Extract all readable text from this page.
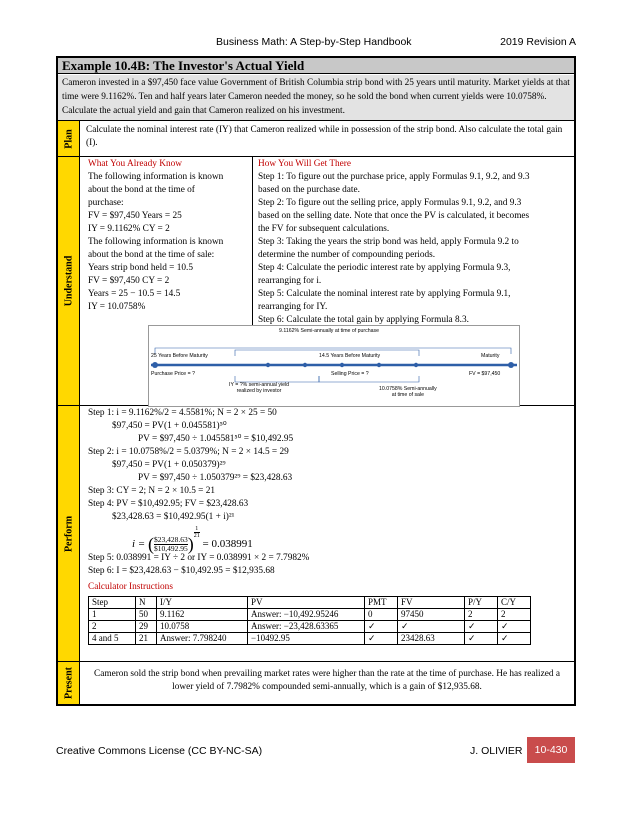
Business Math: A Step-by-Step Handbook	2019 Revision A
Example 10.4B: The Investor's Actual Yield
Cameron invested in a $97,450 face value Government of British Columbia strip bond with 25 years until maturity. Market yields at that time were 9.1162%. Ten and half years later Cameron needed the money, so he sold the bond when current yields were 10.0758%. Calculate the actual yield and gain that Cameron realized on his investment.
Plan Calculate the nominal interest rate (IY) that Cameron realized while in possession of the strip bond. Also calculate the total gain (I).
Understand
What You Already Know
The following information is known
about the bond at the time of
purchase:
FV = $97,450 Years = 25
IY = 9.1162% CY = 2
The following information is known
about the bond at the time of sale:
Years strip bond held = 10.5
FV = $97,450 CY = 2
Years = 25 − 10.5 = 14.5
IY = 10.0758%
How You Will Get There
Step 1: To figure out the purchase price, apply Formulas 9.1, 9.2, and 9.3
based on the purchase date.
Step 2: To figure out the selling price, apply Formulas 9.1, 9.2, and 9.3
based on the selling date. Note that once the PV is calculated, it becomes
the FV for subsequent calculations.
Step 3: Taking the years the strip bond was held, apply Formula 9.2 to
determine the number of compounding periods.
Step 4: Calculate the periodic interest rate by applying Formula 9.3,
rearranging for i.
Step 5: Calculate the nominal interest rate by applying Formula 9.1,
rearranging for IY.
Step 6: Calculate the total gain by applying Formula 8.3.
9.1162% Semi-annually at time of purchase
25 Years Before Maturity	14.5 Years Before Maturity	Maturity
Purchase Price = ?	Selling Price = ?	FV = $97,450
IY = ?% semi-annual yield
realized by investor	10.0758% Semi-annually
at time of sale
Perform
Step 1: i = 9.1162%/2 = 4.5581%; N = 2 × 25 = 50
$97,450 = PV(1 + 0.045581)⁵⁰
PV = $97,450 ÷ 1.045581⁵⁰ = $10,492.95
Step 2: i = 10.0758%/2 = 5.0379%; N = 2 × 14.5 = 29
$97,450 = PV(1 + 0.050379)²⁹
PV = $97,450 ÷ 1.050379²⁹ = $23,428.63
Step 3: CY = 2; N = 2 × 10.5 = 21
Step 4: PV = $10,492.95; FV = $23,428.63
$23,428.63 = $10,492.95(1 + i)²¹
i = ( $\frac{\$23,428.63}{\$10,492.95}$)
$^{\frac{1}{21}}$ = 0.038991
Step 5: 0.038991 = IY ÷ 2 or IY = 0.038991 × 2 = 7.7982%
Step 6: I = $23,428.63 − $10,492.95 = $12,935.68
Calculator Instructions
Step	N	I/Y	PV	PMT	FV	P/Y	C/Y
1	50	9.1162	Answer: −10,492.95246	0	97450	2	2
2	29	10.0758	Answer: −23,428.63365	✓	✓	✓	✓
4 and 5	21	Answer: 7.798240	−10492.95	✓	23428.63	✓	✓
Present Cameron sold the strip bond when prevailing market rates were higher than the rate at the time of purchase. He has realized a lower yield of 7.7982% compounded semi-annually, which is a gain of $12,935.68.
Creative Commons License (CC BY-NC-SA)	J. OLIVIER	10-430
